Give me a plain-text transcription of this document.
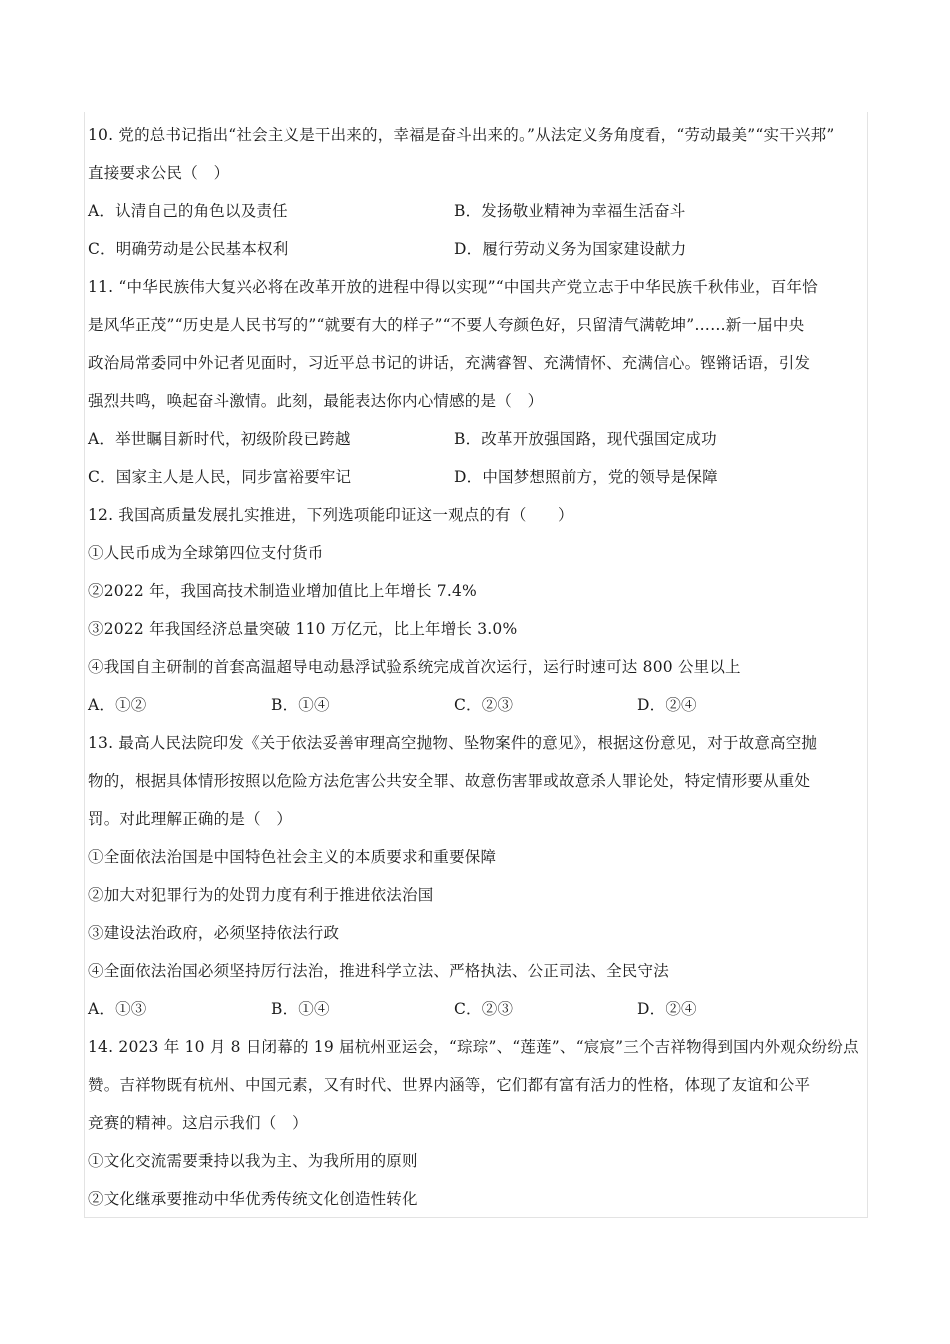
10. 党的总书记指出“社会主义是干出来的，幸福是奋斗出来的。”从法定义务角度看，“劳动最美”“实干兴邦”
直接要求公民（　）
A．认清自己的角色以及责任	B．发扬敬业精神为幸福生活奋斗
C．明确劳动是公民基本权利	D．履行劳动义务为国家建设献力
11. “中华民族伟大复兴必将在改革开放的进程中得以实现”“中国共产党立志于中华民族千秋伟业，百年恰
是风华正茂”“历史是人民书写的”“就要有大的样子”“不要人夸颜色好，只留清气满乾坤”……新一届中央
政治局常委同中外记者见面时，习近平总书记的讲话，充满睿智、充满情怀、充满信心。铿锵话语，引发
强烈共鸣，唤起奋斗激情。此刻，最能表达你内心情感的是（　）
A．举世瞩目新时代，初级阶段已跨越	B．改革开放强国路，现代强国定成功
C．国家主人是人民，同步富裕要牢记	D．中国梦想照前方，党的领导是保障
12. 我国高质量发展扎实推进，下列选项能印证这一观点的有（　　）
①人民币成为全球第四位支付货币
②2022 年，我国高技术制造业增加值比上年增长 7.4%
③2022 年我国经济总量突破 110 万亿元，比上年增长 3.0%
④我国自主研制的首套高温超导电动悬浮试验系统完成首次运行，运行时速可达 800 公里以上
A．①②	B．①④	C．②③	D．②④
13. 最高人民法院印发《关于依法妥善审理高空抛物、坠物案件的意见》，根据这份意见，对于故意高空抛
物的，根据具体情形按照以危险方法危害公共安全罪、故意伤害罪或故意杀人罪论处，特定情形要从重处
罚。对此理解正确的是（　）
①全面依法治国是中国特色社会主义的本质要求和重要保障
②加大对犯罪行为的处罚力度有利于推进依法治国
③建设法治政府，必须坚持依法行政
④全面依法治国必须坚持厉行法治，推进科学立法、严格执法、公正司法、全民守法
A．①③	B．①④	C．②③	D．②④
14. 2023 年 10 月 8 日闭幕的 19 届杭州亚运会，“琮琮”、“莲莲”、“宸宸”三个吉祥物得到国内外观众纷纷点
赞。吉祥物既有杭州、中国元素，又有时代、世界内涵等，它们都有富有活力的性格，体现了友谊和公平
竞赛的精神。这启示我们（　）
①文化交流需要秉持以我为主、为我所用的原则
②文化继承要推动中华优秀传统文化创造性转化
